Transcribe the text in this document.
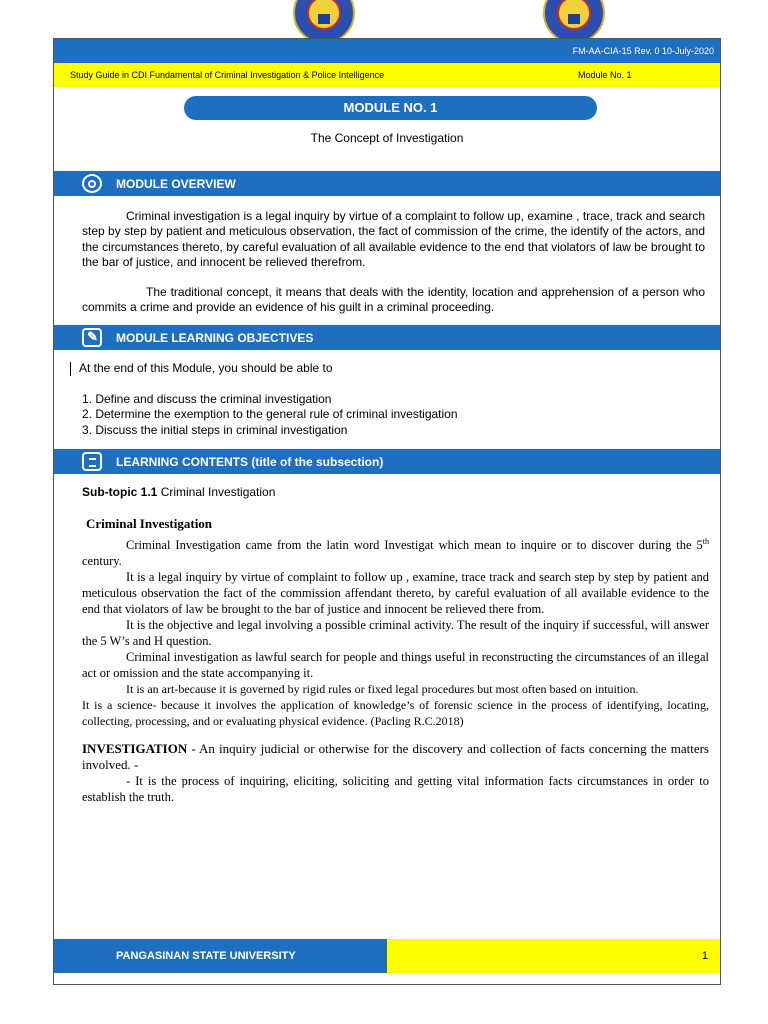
FM-AA-CIA-15 Rev. 0 10-July-2020
Study Guide in CDI Fundamental of Criminal Investigation & Police Intelligence	Module No. 1
MODULE NO. 1
The Concept of Investigation
MODULE OVERVIEW
Criminal investigation is a legal inquiry by virtue of a complaint to follow up, examine , trace, track and search step by step by patient and meticulous observation, the fact of commission of the crime, the identify of the actors, and the circumstances thereto, by careful evaluation of all available evidence to the end that violators of law be brought to the bar of justice, and innocent be relieved therefrom.
The traditional concept, it means that deals with the identity, location and apprehension of a person who commits a crime and provide an evidence of his guilt in a criminal proceeding.
✎
MODULE LEARNING OBJECTIVES
At the end of this Module, you should be able to
1. Define and discuss the criminal investigation
2. Determine the exemption to the general rule of criminal investigation
3. Discuss the initial steps in criminal investigation
LEARNING CONTENTS (title of the subsection)
Sub-topic 1.1 Criminal Investigation

Criminal Investigation

Criminal Investigation came from the latin word Investigat which mean to inquire or to discover during the 5th century.

It is a legal inquiry by virtue of complaint to follow up , examine, trace track and search step by step by patient and meticulous observation the fact of the commission affendant thereto, by careful evaluation of all available evidence to the end that violators of law be brought to the bar of justice and innocent be relieved there from.

It is the objective and legal involving a possible criminal activity. The result of the inquiry if successful, will answer the 5 W’s and H question.

Criminal investigation as lawful search for people and things useful in reconstructing the circumstances of an illegal act or omission and the state accompanying it.

It is an art-because it is governed by rigid rules or fixed legal procedures but most often based on intuition.

It is a science- because it involves the application of knowledge’s of forensic science in the process of identifying, locating, collecting, processing, and or evaluating physical evidence. (Pacling R.C.2018)

INVESTIGATION - An inquiry judicial or otherwise for the discovery and collection of facts concerning the matters involved. -

- It is the process of inquiring, eliciting, soliciting and getting vital information facts circumstances in order to establish the truth.

PANGASINAN STATE UNIVERSITY	1
